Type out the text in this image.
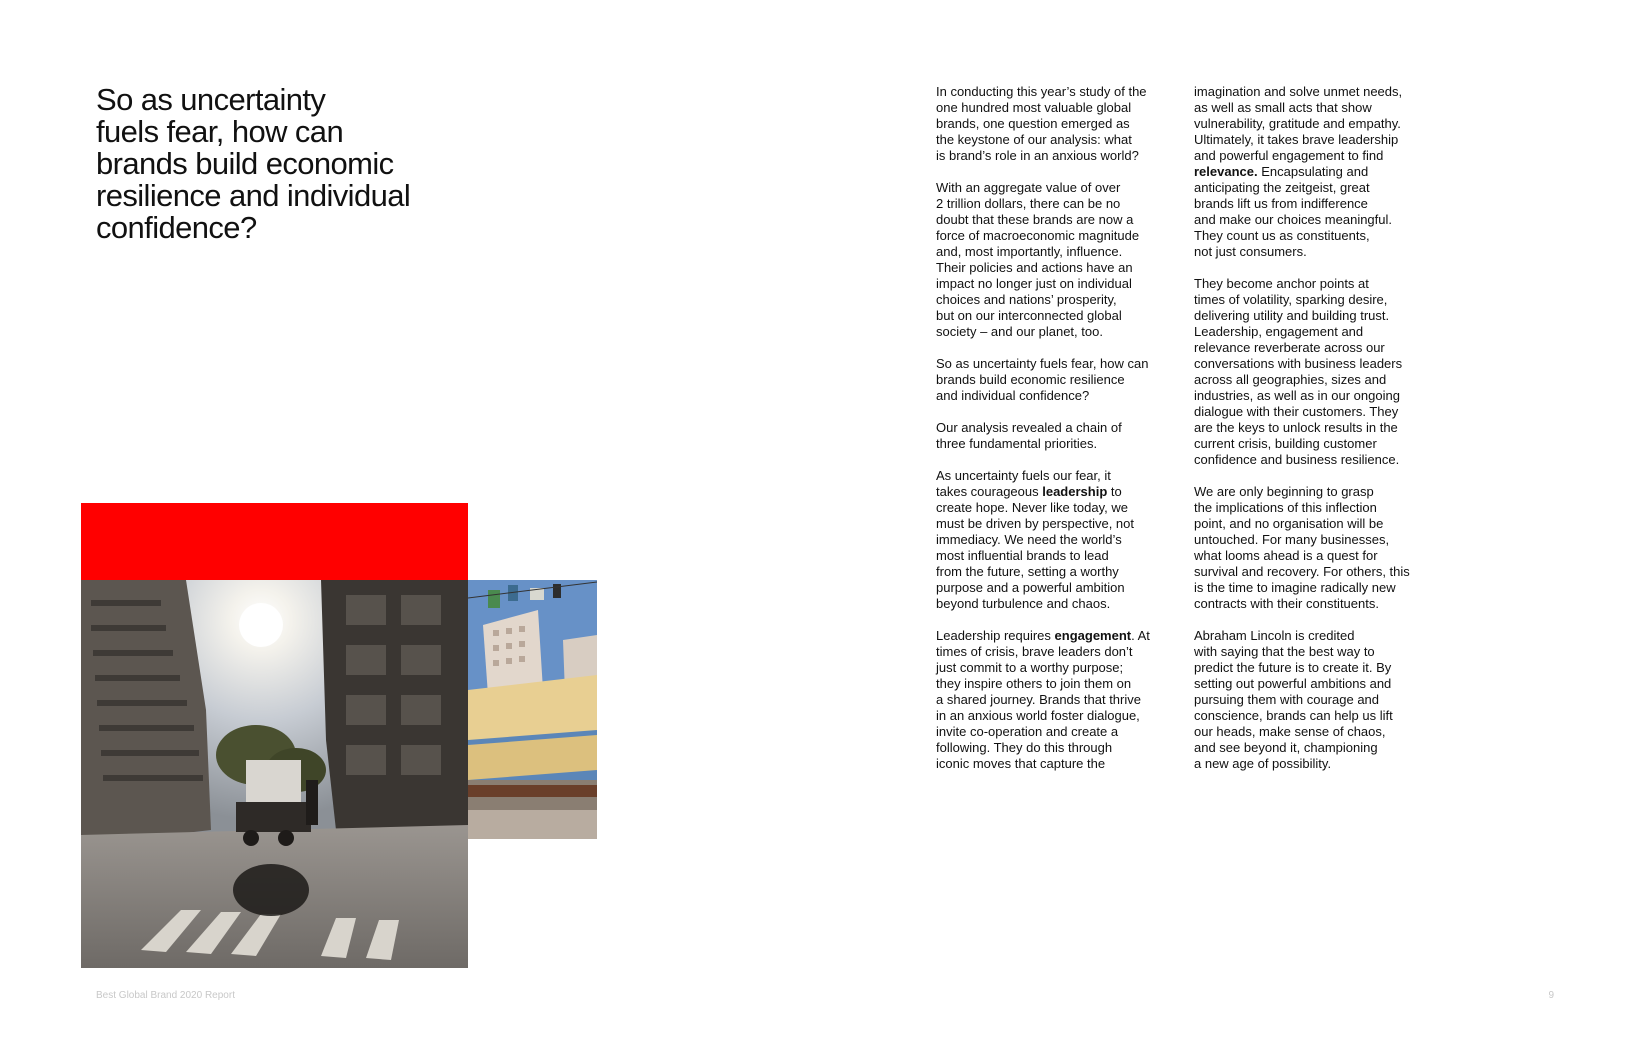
So as uncertainty
fuels fear, how can
brands build economic
resilience and individual
confidence?

In conducting this year’s study of the
one hundred most valuable global
brands, one question emerged as
the keystone of our analysis: what
is brand’s role in an anxious world?

With an aggregate value of over
2 trillion dollars, there can be no
doubt that these brands are now a
force of macroeconomic magnitude
and, most importantly, influence.
Their policies and actions have an
impact no longer just on individual
choices and nations’ prosperity,
but on our interconnected global
society – and our planet, too.

So as uncertainty fuels fear, how can
brands build economic resilience
and individual confidence?

Our analysis revealed a chain of
three fundamental priorities.

As uncertainty fuels our fear, it
takes courageous leadership to
create hope. Never like today, we
must be driven by perspective, not
immediacy. We need the world’s
most influential brands to lead
from the future, setting a worthy
purpose and a powerful ambition
beyond turbulence and chaos.

Leadership requires engagement. At
times of crisis, brave leaders don’t
just commit to a worthy purpose;
they inspire others to join them on
a shared journey. Brands that thrive
in an anxious world foster dialogue,
invite co-operation and create a
following. They do this through
iconic moves that capture the

imagination and solve unmet needs,
as well as small acts that show
vulnerability, gratitude and empathy.
Ultimately, it takes brave leadership
and powerful engagement to find
relevance. Encapsulating and
anticipating the zeitgeist, great
brands lift us from indifference
and make our choices meaningful.
They count us as constituents,
not just consumers.

They become anchor points at
times of volatility, sparking desire,
delivering utility and building trust.
Leadership, engagement and
relevance reverberate across our
conversations with business leaders
across all geographies, sizes and
industries, as well as in our ongoing
dialogue with their customers. They
are the keys to unlock results in the
current crisis, building customer
confidence and business resilience.

We are only beginning to grasp
the implications of this inflection
point, and no organisation will be
untouched. For many businesses,
what looms ahead is a quest for
survival and recovery. For others, this
is the time to imagine radically new
contracts with their constituents.

Abraham Lincoln is credited
with saying that the best way to
predict the future is to create it. By
setting out powerful ambitions and
pursuing them with courage and
conscience, brands can help us lift
our heads, make sense of chaos,
and see beyond it, championing
a new age of possibility.

Best Global Brand 2020 Report	9
